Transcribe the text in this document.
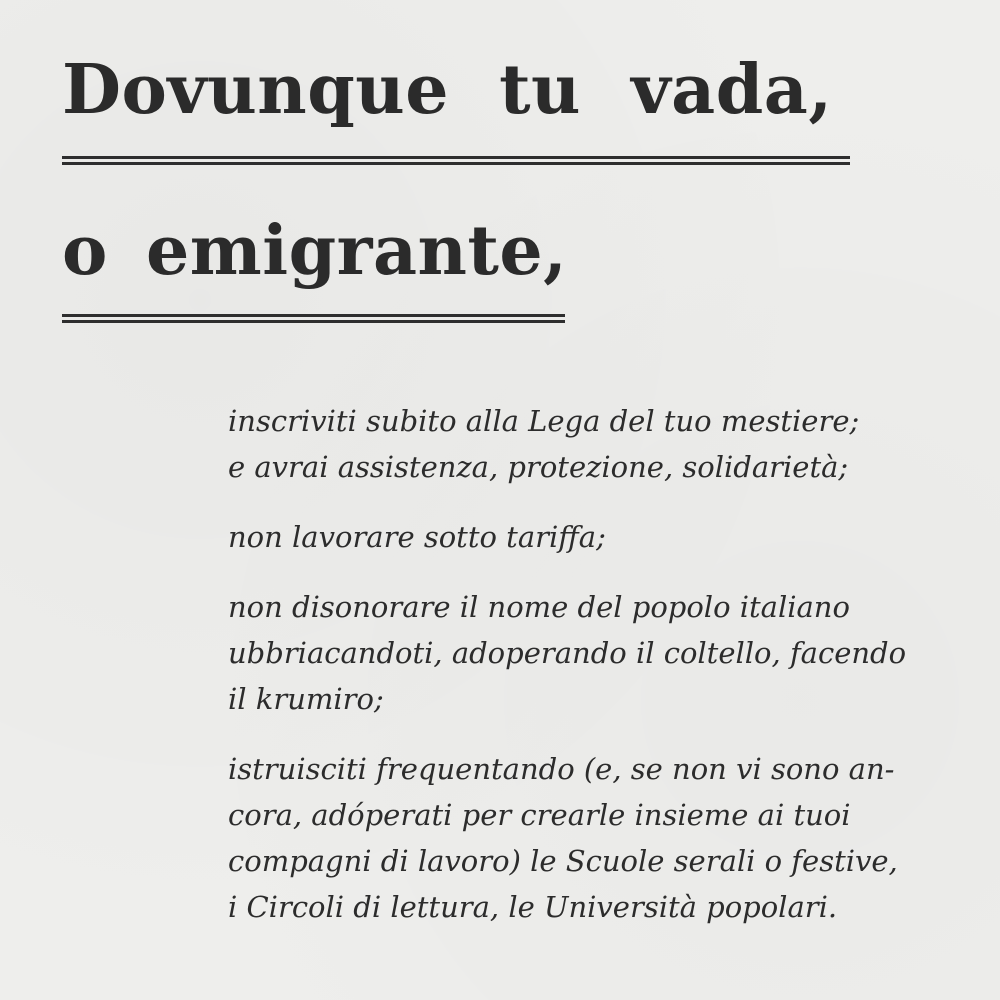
Dovunque tu vada,
o emigrante,

inscriviti subito alla Lega del tuo mestiere;
e avrai assistenza, protezione, solidarietà;

non lavorare sotto tariffa;

non disonorare il nome del popolo italiano
ubbriacandoti, adoperando il coltello, facendo
il krumiro;

istruisciti frequentando (e, se non vi sono an-
cora, adóperati per crearle insieme ai tuoi
compagni di lavoro) le Scuole serali o festive,
i Circoli di lettura, le Università popolari.
